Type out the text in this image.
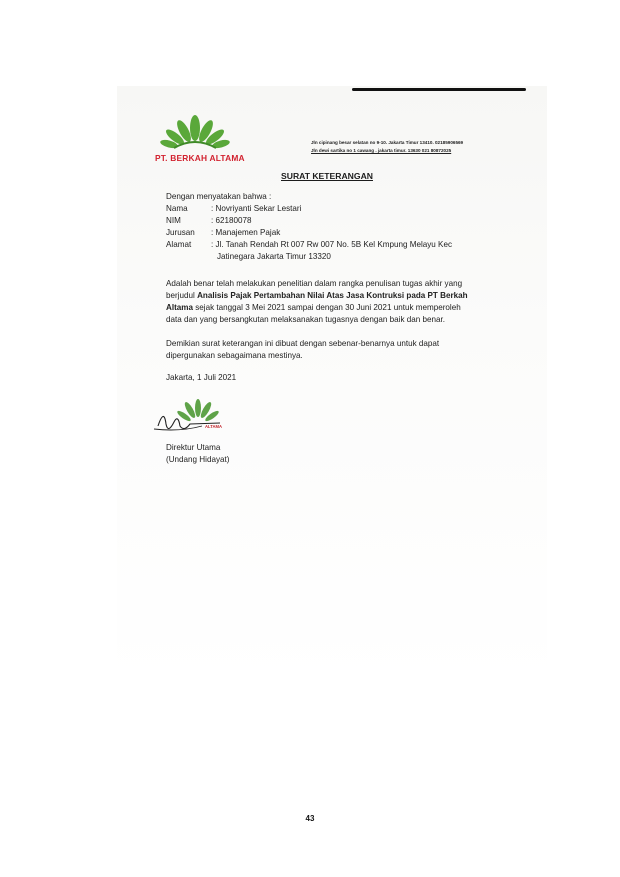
PT. BERKAH ALTAMA
Jln cipinang besar selatan no 9-10. Jakarta Timur 13410. 02185906569
Jln dewi sartika no 1 cawang . jakarta timur. 13630 021 80872025
SURAT KETERANGAN
Dengan menyatakan bahwa :
Nama	: Novriyanti Sekar Lestari
NIM	: 62180078
Jurusan : Manajemen Pajak
Alamat : Jl. Tanah Rendah Rt 007 Rw 007 No. 5B Kel Kmpung Melayu Kec
Jatinegara Jakarta Timur 13320
Adalah benar telah melakukan penelitian dalam rangka penulisan tugas akhir yang
berjudul Analisis Pajak Pertambahan Nilai Atas Jasa Kontruksi pada PT Berkah
Altama sejak tanggal 3 Mei 2021 sampai dengan 30 Juni 2021 untuk memperoleh
data dan yang bersangkutan melaksanakan tugasnya dengan baik dan benar.
Demikian surat keterangan ini dibuat dengan sebenar-benarnya untuk dapat
dipergunakan sebagaimana mestinya.
Jakarta, 1 Juli 2021
ALTAMA
Direktur Utama
(Undang Hidayat)
43
